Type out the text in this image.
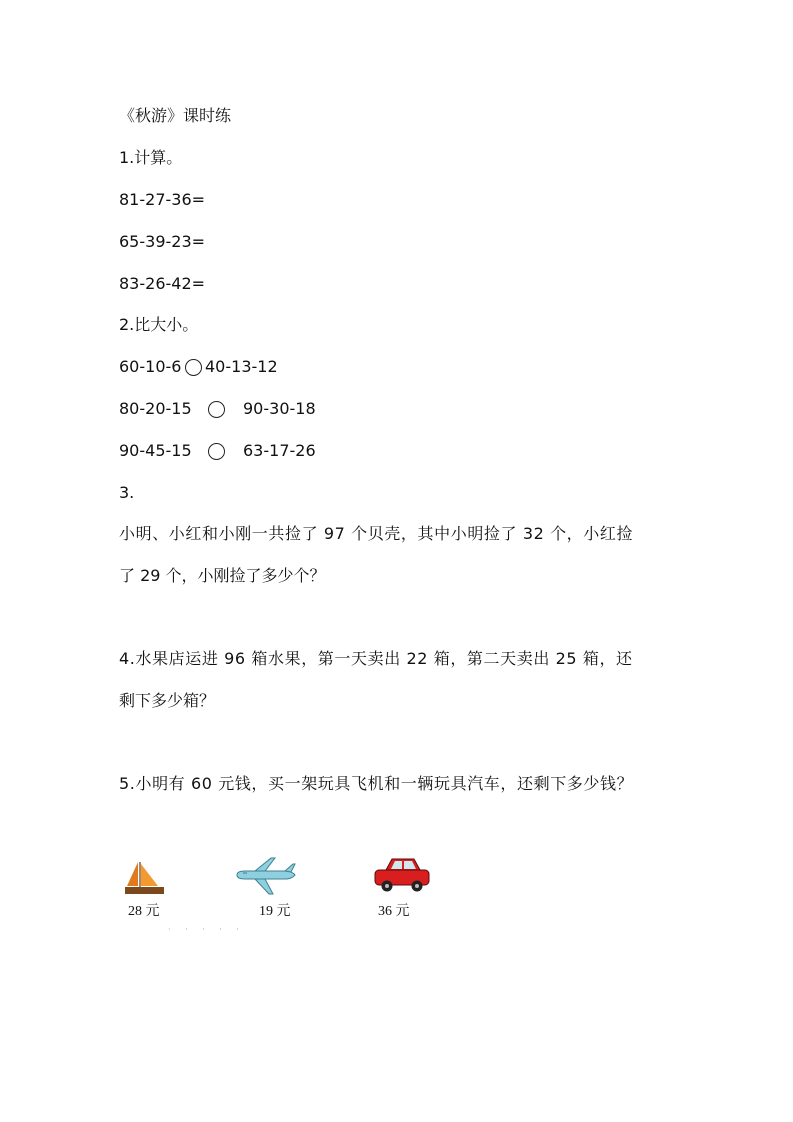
《秋游》课时练
1.计算。
81-27-36=
65-39-23=
83-26-42=
2.比大小。
60-10-6 40-13-12
80-20-15	90-30-18
90-45-15	63-17-26
3.
小明、小红和小刚一共捡了 97 个贝壳，其中小明捡了 32 个，小红捡
了 29 个，小刚捡了多少个？
4.水果店运进 96 箱水果，第一天卖出 22 箱，第二天卖出 25 箱，还
剩下多少箱？
5.小明有 60 元钱，买一架玩具飞机和一辆玩具汽车，还剩下多少钱？
28 元	19 元	36 元
· · · · ·
